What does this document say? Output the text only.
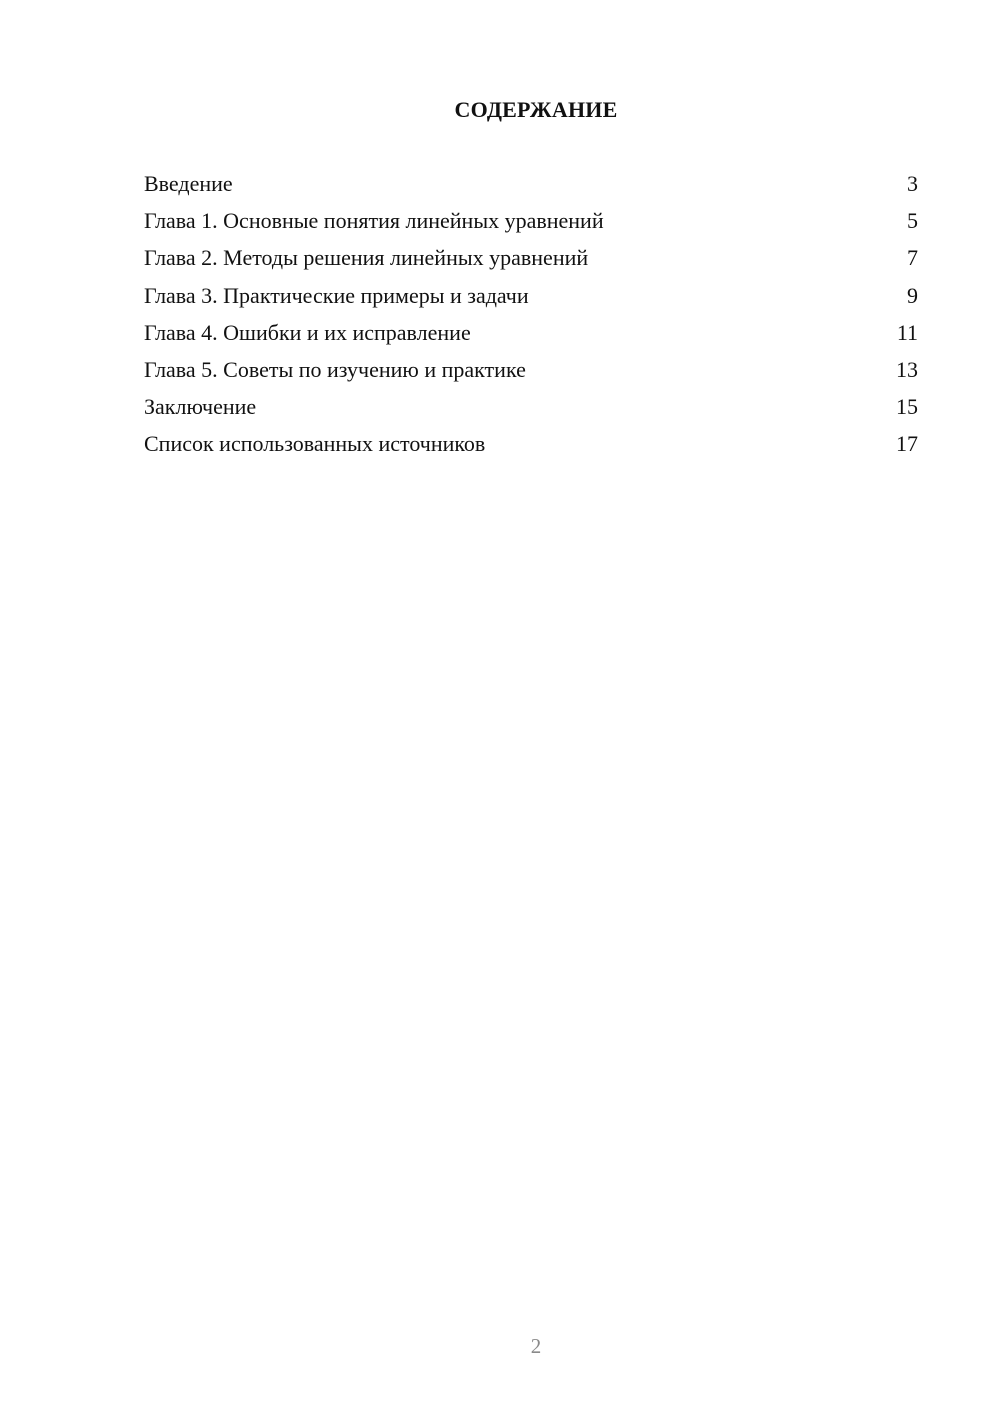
СОДЕРЖАНИЕ
Введение	3
Глава 1. Основные понятия линейных уравнений	5
Глава 2. Методы решения линейных уравнений	7
Глава 3. Практические примеры и задачи	9
Глава 4. Ошибки и их исправление	11
Глава 5. Советы по изучению и практике	13
Заключение	15
Список использованных источников	17
2
